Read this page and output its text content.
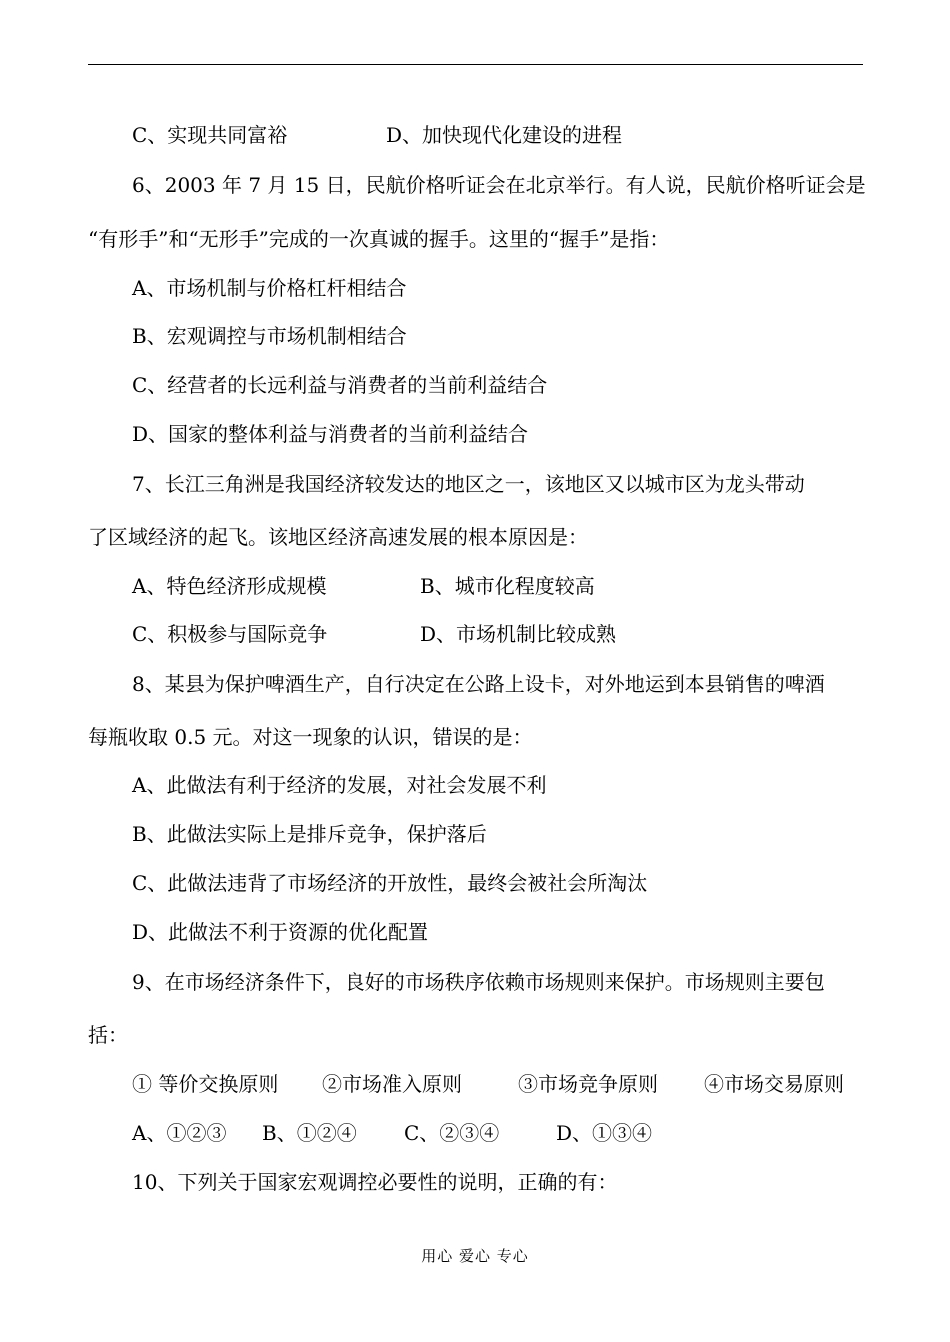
C、实现共同富裕	D、加快现代化建设的进程
6、2003 年 7 月 15 日，民航价格听证会在北京举行。有人说，民航价格听证会是
“有形手”和“无形手”完成的一次真诚的握手。这里的“握手”是指：
A、市场机制与价格杠杆相结合
B、宏观调控与市场机制相结合
C、经营者的长远利益与消费者的当前利益结合
D、国家的整体利益与消费者的当前利益结合
7、长江三角洲是我国经济较发达的地区之一，该地区又以城市区为龙头带动
了区域经济的起飞。该地区经济高速发展的根本原因是：
A、特色经济形成规模	B、城市化程度较高
C、积极参与国际竞争	D、市场机制比较成熟
8、某县为保护啤酒生产，自行决定在公路上设卡，对外地运到本县销售的啤酒
每瓶收取 0.5 元。对这一现象的认识，错误的是：
A、此做法有利于经济的发展，对社会发展不利
B、此做法实际上是排斥竞争，保护落后
C、此做法违背了市场经济的开放性，最终会被社会所淘汰
D、此做法不利于资源的优化配置
9、在市场经济条件下，良好的市场秩序依赖市场规则来保护。市场规则主要包
括：
① 等价交换原则 ②市场准入原则	③市场竞争原则 ④市场交易原则
A、①②③ B、①②④ C、②③④	D、①③④
10、下列关于国家宏观调控必要性的说明，正确的有：
用心 爱心 专心
